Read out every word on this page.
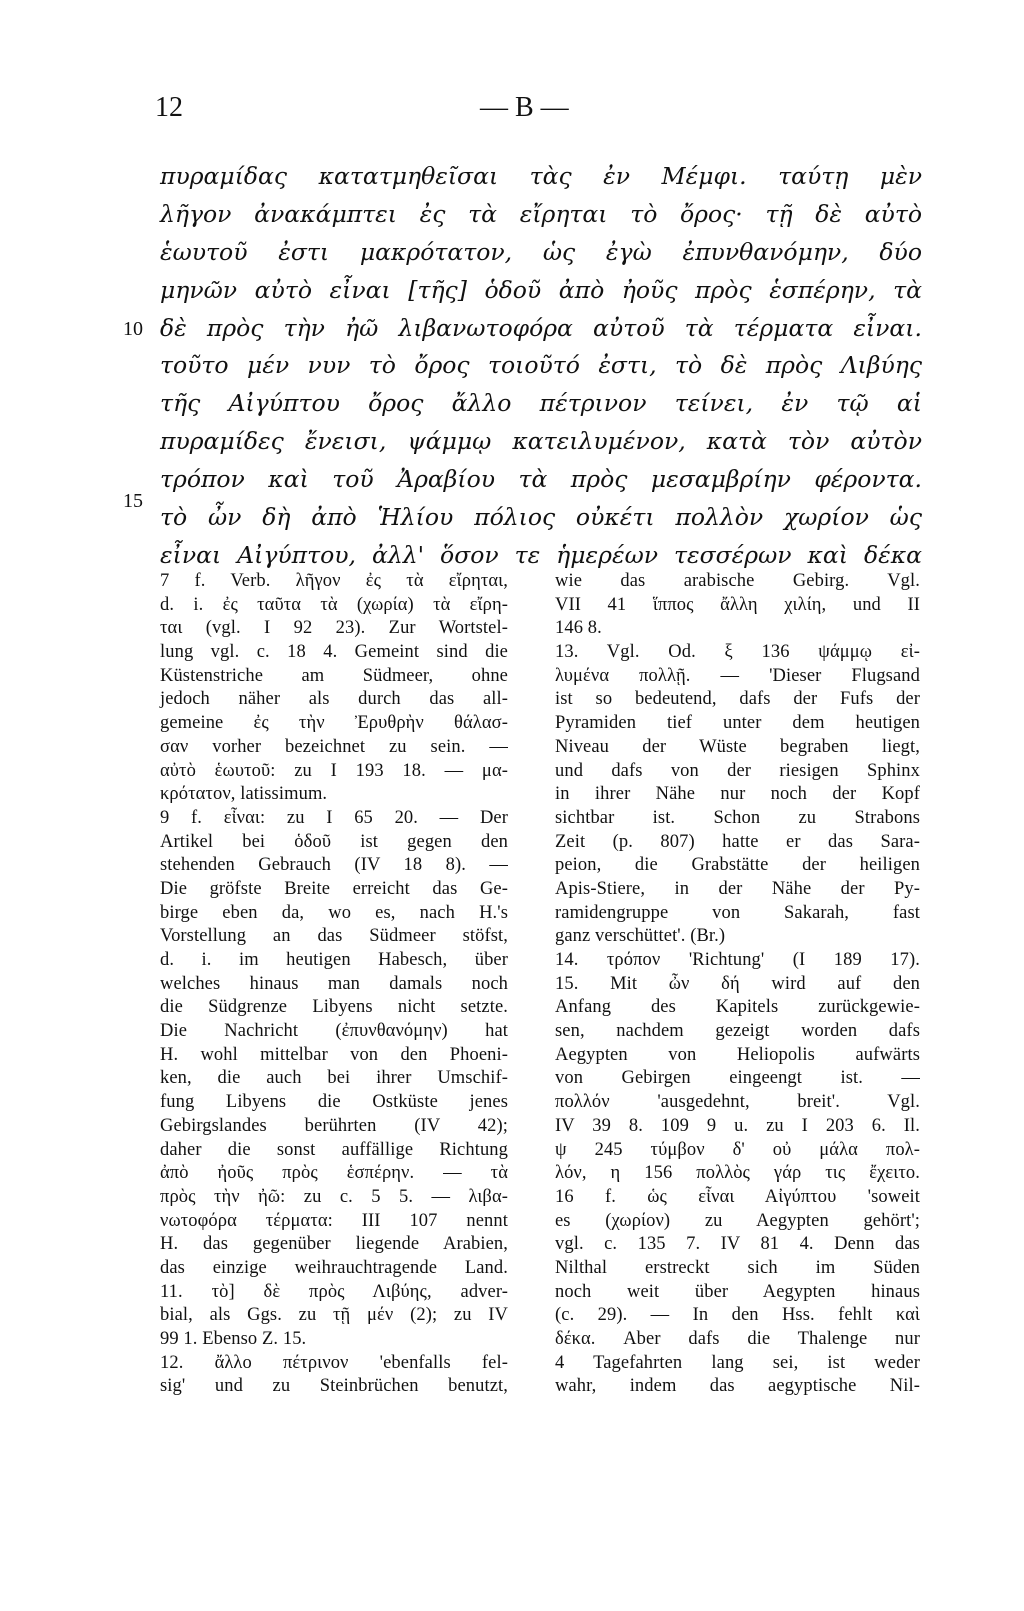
12	— B —
10
15
πυραμίδας κατατμηθεῖσαι τὰς ἐν Μέμφι. ταύτῃ μὲν
λῆγον ἀνακάμπτει ἐς τὰ εἴρηται τὸ ὄρος· τῇ δὲ αὐτὸ
ἑωυτοῦ ἐστι μακρότατον, ὡς ἐγὼ ἐπυνθανόμην, δύο
μηνῶν αὐτὸ εἶναι [τῆς] ὁδοῦ ἀπὸ ἠοῦς πρὸς ἑσπέρην, τὰ
δὲ πρὸς τὴν ἠῶ λιβανωτοφόρα αὐτοῦ τὰ τέρματα εἶναι.
τοῦτο μέν νυν τὸ ὄρος τοιοῦτό ἐστι, τὸ δὲ πρὸς Λιβύης
τῆς Αἰγύπτου ὄρος ἄλλο πέτρινον τείνει, ἐν τῷ αἱ
πυραμίδες ἔνεισι, ψάμμῳ κατειλυμένον, κατὰ τὸν αὐτὸν
τρόπον καὶ τοῦ Ἀραβίου τὰ πρὸς μεσαμβρίην φέροντα.
τὸ ὦν δὴ ἀπὸ Ἡλίου πόλιος οὐκέτι πολλὸν χωρίον ὡς
εἶναι Αἰγύπτου, ἀλλ' ὅσον τε ἡμερέων τεσσέρων καὶ δέκα
7 f. Verb. λῆγον ἐς τὰ εἴρηται,
d. i. ἐς ταῦτα τὰ (χωρία) τὰ εἴρη-
ται (vgl. I 92 23). Zur Wortstel-
lung vgl. c. 18 4. Gemeint sind die
Küstenstriche am Südmeer, ohne
jedoch näher als durch das all-
gemeine ἐς τὴν Ἐρυθρὴν θάλασ-
σαν vorher bezeichnet zu sein. —
αὐτὸ ἑωυτοῦ: zu I 193 18. — μα-
κρότατον, latissimum.
9 f. εἶναι: zu I 65 20. — Der
Artikel bei ὁδοῦ ist gegen den
stehenden Gebrauch (IV 18 8). —
Die gröfste Breite erreicht das Ge-
birge eben da, wo es, nach H.'s
Vorstellung an das Südmeer stöfst,
d. i. im heutigen Habesch, über
welches hinaus man damals noch
die Südgrenze Libyens nicht setzte.
Die Nachricht (ἐπυνθανόμην) hat
H. wohl mittelbar von den Phoeni-
ken, die auch bei ihrer Umschif-
fung Libyens die Ostküste jenes
Gebirgslandes berührten (IV 42);
daher die sonst auffällige Richtung
ἀπὸ ἠοῦς πρὸς ἑσπέρην. — τὰ
πρὸς τὴν ἠῶ: zu c. 5 5. — λιβα-
νωτοφόρα τέρματα: III 107 nennt
H. das gegenüber liegende Arabien,
das einzige weihrauchtragende Land.
11. τὸ] δὲ πρὸς Λιβύης, adver-
bial, als Ggs. zu τῇ μέν (2); zu IV
99 1. Ebenso Z. 15.
12. ἄλλο πέτρινον 'ebenfalls fel-
sig' und zu Steinbrüchen benutzt,
wie das arabische Gebirg. Vgl.
VII 41 ἵππος ἄλλη χιλίη, und II
146 8.
13. Vgl. Od. ξ 136 ψάμμῳ εἰ-
λυμένα πολλῇ. — 'Dieser Flugsand
ist so bedeutend, dafs der Fufs der
Pyramiden tief unter dem heutigen
Niveau der Wüste begraben liegt,
und dafs von der riesigen Sphinx
in ihrer Nähe nur noch der Kopf
sichtbar ist. Schon zu Strabons
Zeit (p. 807) hatte er das Sara-
peion, die Grabstätte der heiligen
Apis-Stiere, in der Nähe der Py-
ramidengruppe von Sakarah, fast
ganz verschüttet'. (Br.)
14. τρόπον 'Richtung' (I 189 17).
15. Mit ὦν δή wird auf den
Anfang des Kapitels zurückgewie-
sen, nachdem gezeigt worden dafs
Aegypten von Heliopolis aufwärts
von Gebirgen eingeengt ist. —
πολλόν 'ausgedehnt, breit'. Vgl.
IV 39 8. 109 9 u. zu I 203 6. Il.
ψ 245 τύμβον δ' οὐ μάλα πολ-
λόν, η 156 πολλὸς γάρ τις ἔχειτο.
16 f. ὡς εἶναι Αἰγύπτου 'soweit
es (χωρίον) zu Aegypten gehört';
vgl. c. 135 7. IV 81 4. Denn das
Nilthal erstreckt sich im Süden
noch weit über Aegypten hinaus
(c. 29). — In den Hss. fehlt καὶ
δέκα. Aber dafs die Thalenge nur
4 Tagefahrten lang sei, ist weder
wahr, indem das aegyptische Nil-
